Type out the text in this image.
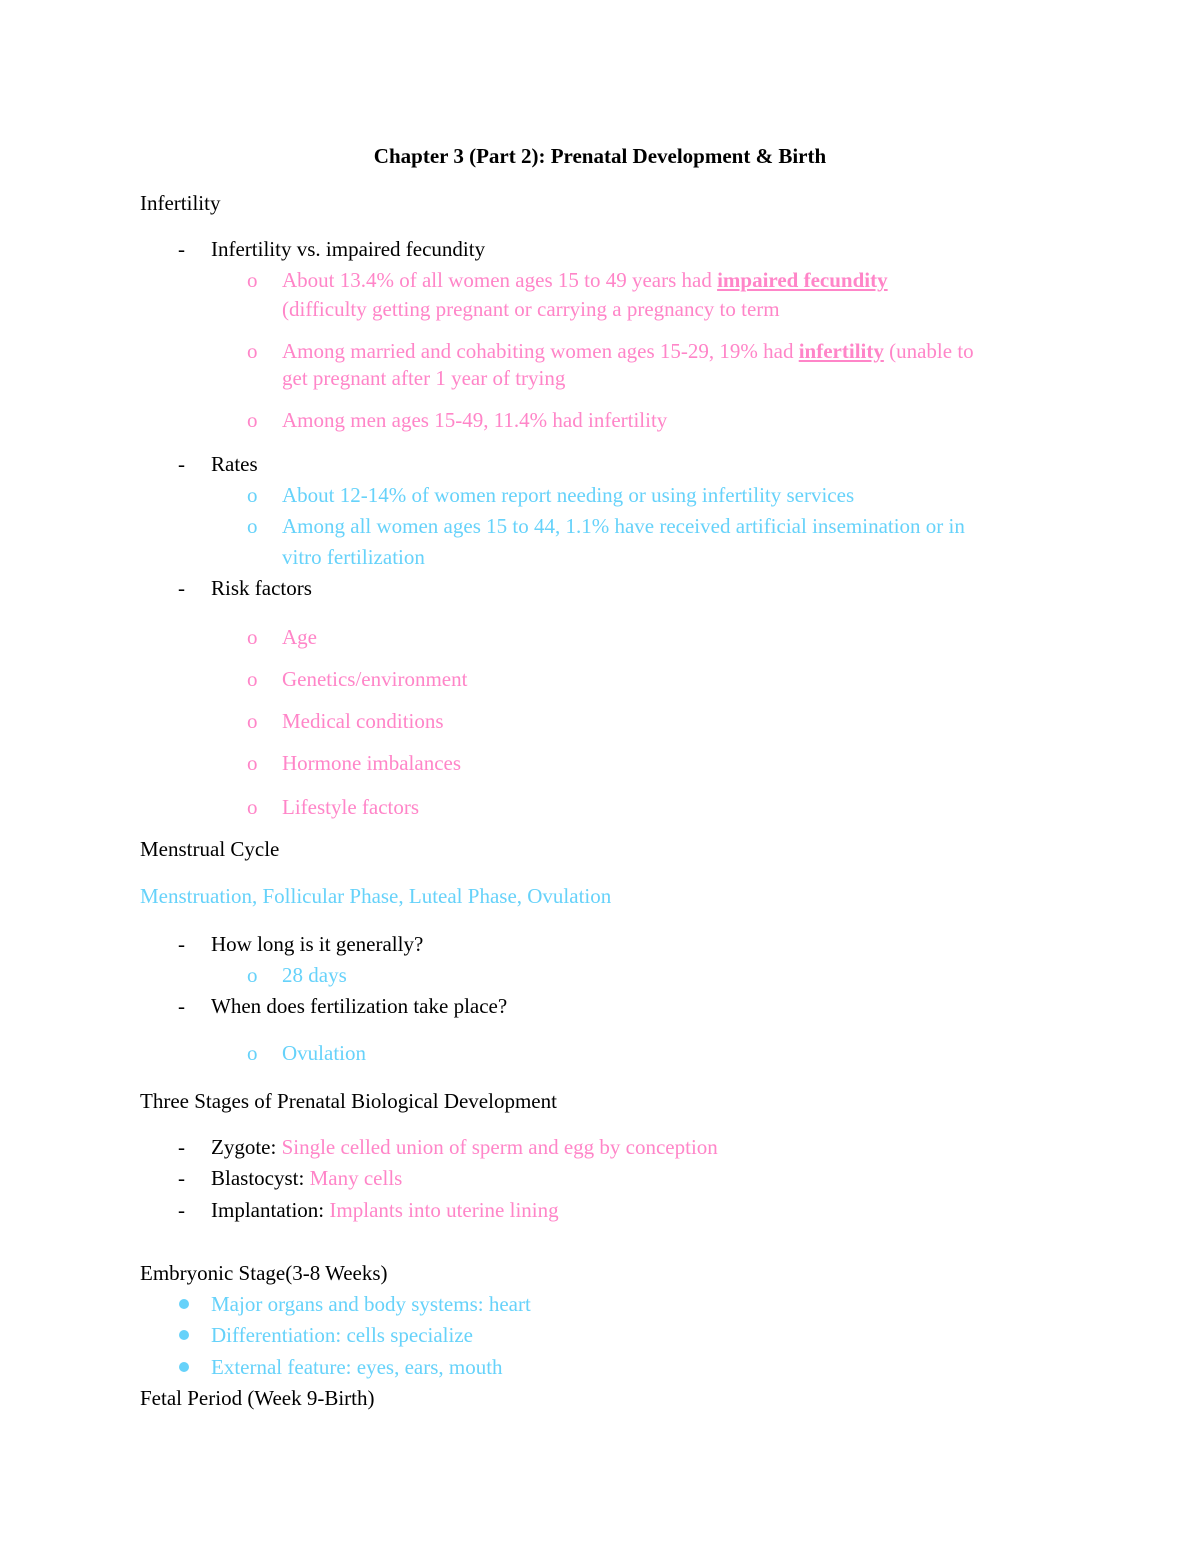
Chapter 3 (Part 2): Prenatal Development & Birth
Infertility
- Infertility vs. impaired fecundity
o About 13.4% of all women ages 15 to 49 years had impaired fecundity
(difficulty getting pregnant or carrying a pregnancy to term
o Among married and cohabiting women ages 15-29, 19% had infertility (unable to
get pregnant after 1 year of trying
o Among men ages 15-49, 11.4% had infertility
- Rates
o About 12-14% of women report needing or using infertility services
o Among all women ages 15 to 44, 1.1% have received artificial insemination or in
vitro fertilization
- Risk factors
o Age
o Genetics/environment
o Medical conditions
o Hormone imbalances
o Lifestyle factors
Menstrual Cycle
Menstruation, Follicular Phase, Luteal Phase, Ovulation
- How long is it generally?
o 28 days
- When does fertilization take place?
o Ovulation
Three Stages of Prenatal Biological Development
- Zygote: Single celled union of sperm and egg by conception
- Blastocyst: Many cells
- Implantation: Implants into uterine lining
Embryonic Stage(3-8 Weeks)
Major organs and body systems: heart
Differentiation: cells specialize
External feature: eyes, ears, mouth
Fetal Period (Week 9-Birth)
